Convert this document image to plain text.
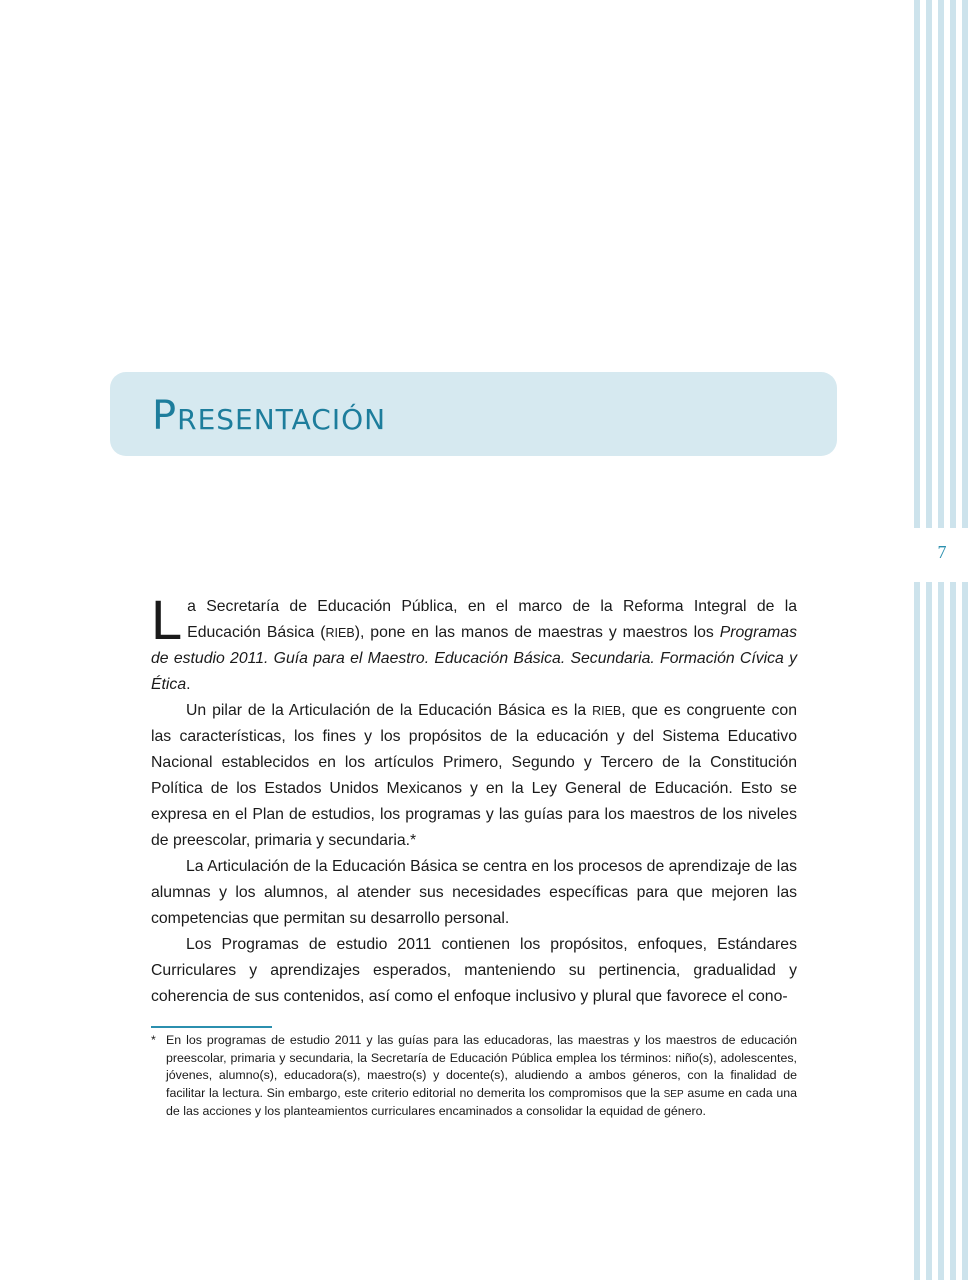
7
Presentación

La Secretaría de Educación Pública, en el marco de la Reforma Integral de la Educación Básica (RIEB), pone en las manos de maestras y maestros los Programas de estudio 2011. Guía para el Maestro. Educación Básica. Secundaria. Formación Cívica y Ética.

Un pilar de la Articulación de la Educación Básica es la RIEB, que es congruente con las características, los fines y los propósitos de la educación y del Sistema Educativo Nacional establecidos en los artículos Primero, Segundo y Tercero de la Constitución Política de los Estados Unidos Mexicanos y en la Ley General de Educación. Esto se expresa en el Plan de estudios, los programas y las guías para los maestros de los niveles de preescolar, primaria y secundaria.*

La Articulación de la Educación Básica se centra en los procesos de aprendizaje de las alumnas y los alumnos, al atender sus necesidades específicas para que mejoren las competencias que permitan su desarrollo personal.

Los Programas de estudio 2011 contienen los propósitos, enfoques, Estándares Curriculares y aprendizajes esperados, manteniendo su pertinencia, gradualidad y coherencia de sus contenidos, así como el enfoque inclusivo y plural que favorece el cono-

* En los programas de estudio 2011 y las guías para las educadoras, las maestras y los maestros de educación preescolar, primaria y secundaria, la Secretaría de Educación Pública emplea los términos: niño(s), adolescentes, jóvenes, alumno(s), educadora(s), maestro(s) y docente(s), aludiendo a ambos géneros, con la finalidad de facilitar la lectura. Sin embargo, este criterio editorial no demerita los compromisos que la SEP asume en cada una de las acciones y los planteamientos curriculares encaminados a consolidar la equidad de género.
